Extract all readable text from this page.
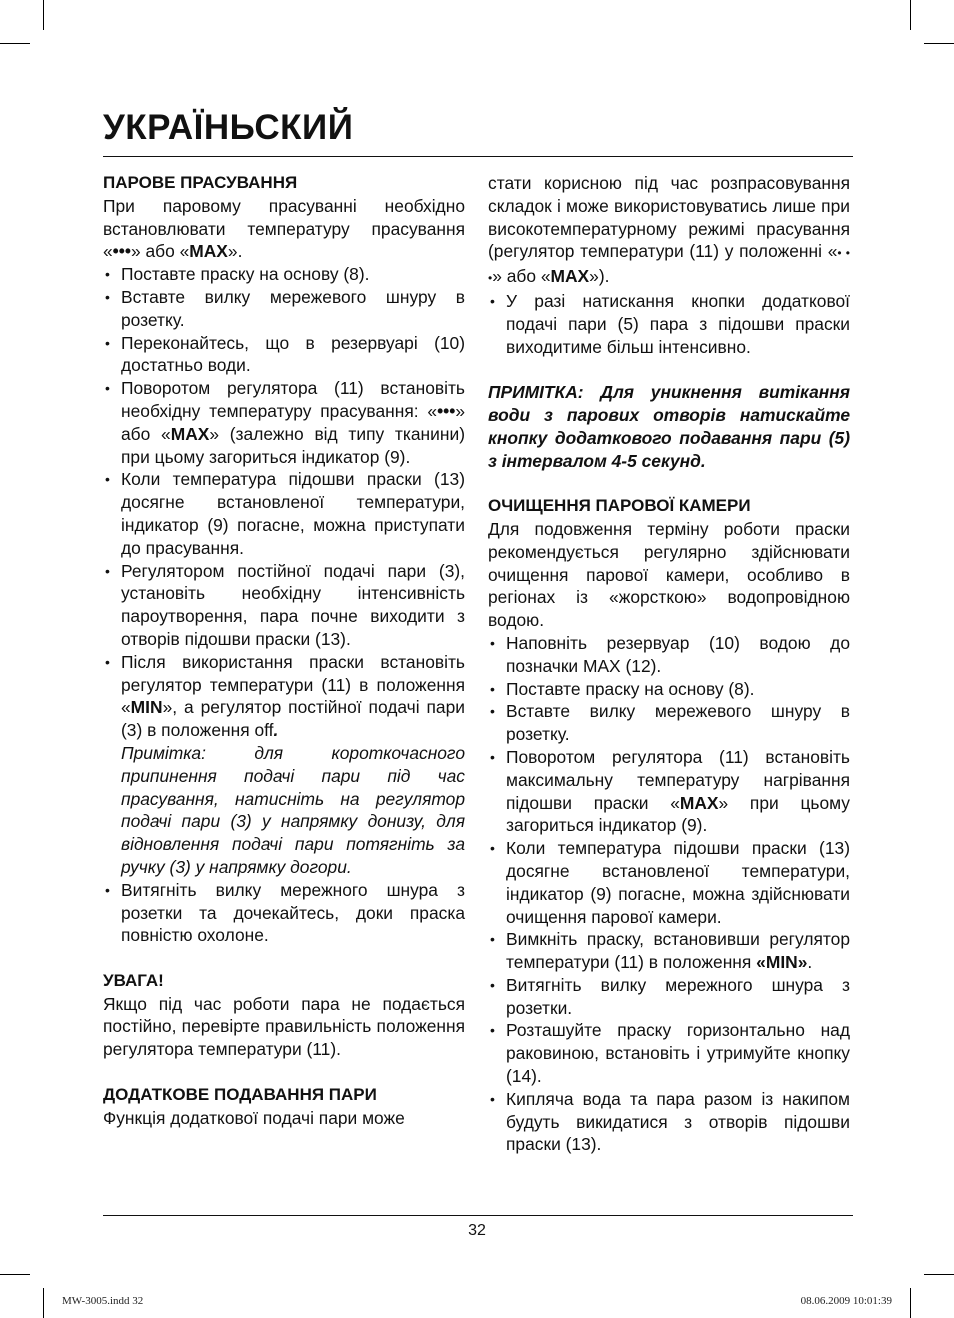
УКРАЇНЬСКИЙ
ПАРОВЕ ПРАСУВАННЯ

При паровому прасуванні необхідно встановлювати температуру прасування «•••» або «MAX».

• Поставте праску на основу (8).
• Вставте вилку мережевого шнуру в розетку.
• Переконайтесь, що в резервуарі (10) достатньо води.
• Поворотом регулятора (11) встановіть необхідну температуру прасування: «•••» або «MAX» (залежно від типу тканини) при цьому загориться індикатор (9).
• Коли температура підошви праски (13) досягне встановленої температури, індикатор (9) погасне, можна приступати до прасування.
• Регулятором постійної подачі пари (3), установіть необхідну інтенсивність пароутворення, пара почне виходити з отворів підошви праски (13).
• Після використання праски встановіть регулятор температури (11) в положення «MIN», а регулятор постійної подачі пари (3) в положення off.
Примітка: для короткочасного припинення подачі пари під час прасування, натисніть на регулятор подачі пари (3) у напрямку донизу, для відновлення подачі пари потягніть за ручку (3) у напрямку догори.
• Витягніть вилку мережного шнура з розетки та дочекайтесь, доки праска повністю охолоне.
УВАГА!

Якщо під час роботи пара не подається постійно, перевірте правильність положення регулятора температури (11).

ДОДАТКОВЕ ПОДАВАННЯ ПАРИ

Функція додаткової подачі пари може

стати корисною під час розпрасовування складок і може використовуватись лише при високотемпературному режимі прасування (регулятор температури (11) у положенні «• • •» або «MAX»).

• У разі натискання кнопки додаткової подачі пари (5) пара з підошви праски виходитиме більш інтенсивно.

ПРИМІТКА: Для уникнення витікання води з парових отворів натискайте кнопку додаткового подавання пари (5) з інтервалом 4-5 секунд.

ОЧИЩЕННЯ ПАРОВОЇ КАМЕРИ

Для подовження терміну роботи праски рекомендується регулярно здійснювати очищення парової камери, особливо в регіонах із «жорсткою» водопровідною водою.

• Наповніть резервуар (10) водою до позначки MAX (12).
• Поставте праску на основу (8).
• Вставте вилку мережевого шнуру в розетку.
• Поворотом регулятора (11) встановіть максимальну температуру нагрівання підошви праски «MAX» при цьому загориться індикатор (9).
• Коли температура підошви праски (13) досягне встановленої температури, індикатор (9) погасне, можна здійснювати очищення парової камери.
• Вимкніть праску, встановивши регулятор температури (11) в положення «MIN».
• Витягніть вилку мережного шнура з розетки.
• Розташуйте праску горизонтально над раковиною, встановіть і утримуйте кнопку (14).
• Кипляча вода та пара разом із накипом будуть викидатися з отворів підошви праски (13).
32
MW-3005.indd 32	08.06.2009 10:01:39
